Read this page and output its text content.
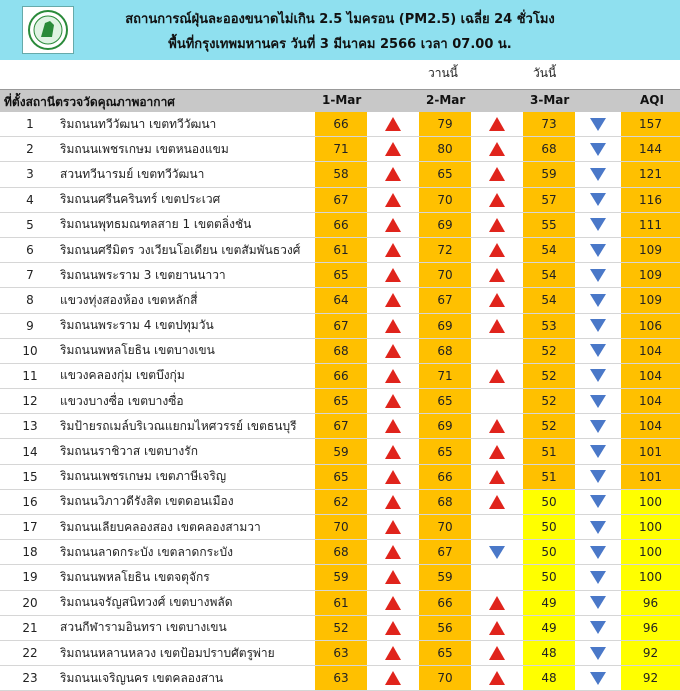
สถานการณ์ฝุ่นละอองขนาดไม่เกิน 2.5 ไมครอน (PM2.5) เฉลี่ย 24 ชั่วโมง
พื้นที่กรุงเทพมหานคร วันที่ 3 มีนาคม 2566 เวลา 07.00 น.
วานนี้	วันนี้
ที่ตั้งสถานีตรวจวัดคุณภาพอากาศ	1-Mar	2-Mar	3-Mar	AQI
1	ริมถนนทวีวัฒนา เขตทวีวัฒนา	66	79	73	157
2	ริมถนนเพชรเกษม เขตหนองแขม	71	80	68	144
3	สวนทวีนารมย์ เขตทวีวัฒนา	58	65	59	121
4	ริมถนนศรีนครินทร์ เขตประเวศ	67	70	57	116
5	ริมถนนพุทธมณฑลสาย 1 เขตตลิ่งชัน	66	69	55	111
6	ริมถนนศรีมิตร วงเวียนโอเดียน เขตสัมพันธวงศ์	61	72	54	109
7	ริมถนนพระราม 3 เขตยานนาวา	65	70	54	109
8	แขวงทุ่งสองห้อง เขตหลักสี่	64	67	54	109
9	ริมถนนพระราม 4 เขตปทุมวัน	67	69	53	106
10	ริมถนนพหลโยธิน เขตบางเขน	68	68	52	104
11	แขวงคลองกุ่ม เขตบึงกุ่ม	66	71	52	104
12	แขวงบางซื่อ เขตบางซื่อ	65	65	52	104
13	ริมป้ายรถเมล์บริเวณแยกมไหศวรรย์ เขตธนบุรี	67	69	52	104
14	ริมถนนราชิวาส เขตบางรัก	59	65	51	101
15	ริมถนนเพชรเกษม เขตภาษีเจริญ	65	66	51	101
16	ริมถนนวิภาวดีรังสิต เขตดอนเมือง	62	68	50	100
17	ริมถนนเลียบคลองสอง เขตคลองสามวา	70	70	50	100
18	ริมถนนลาดกระบัง เขตลาดกระบัง	68	67	50	100
19	ริมถนนพหลโยธิน เขตจตุจักร	59	59	50	100
20	ริมถนนจรัญสนิทวงศ์ เขตบางพลัด	61	66	49	96
21	สวนกีฬารามอินทรา เขตบางเขน	52	56	49	96
22	ริมถนนหลานหลวง เขตป้อมปราบศัตรูพ่าย	63	65	48	92
23	ริมถนนเจริญนคร เขตคลองสาน	63	70	48	92
